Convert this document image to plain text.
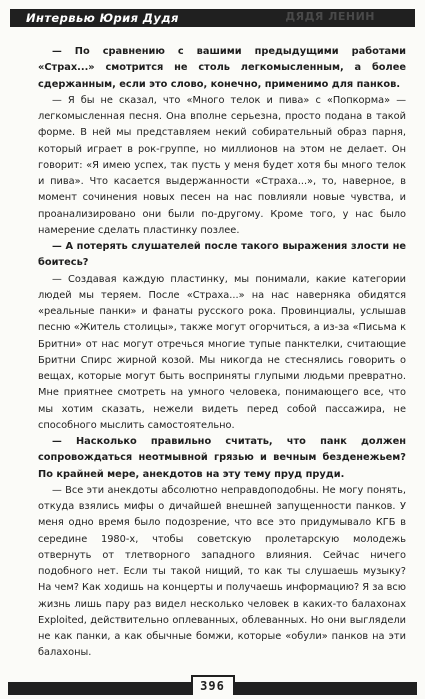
Интервью Юрия Дудя	ДЯДЯ ЛЕНИН

— По сравнению с вашими предыдущими работами «Страх...» смотрится не столь легкомысленным, а более сдержанным, если это слово, конечно, применимо для панков.

— Я бы не сказал, что «Много телок и пива» с «Попкорма» — легкомысленная песня. Она вполне серьезна, просто подана в такой форме. В ней мы представляем некий собирательный образ парня, который играет в рок-группе, но миллионов на этом не делает. Он говорит: «Я имею успех, так пусть у меня будет хотя бы много телок и пива». Что касается выдержанности «Страха...», то, наверное, в момент сочинения новых песен на нас повлияли новые чувства, и проанализировано они были по-другому. Кроме того, у нас было намерение сделать пластинку позлее.

— А потерять слушателей после такого выражения злости не боитесь?

— Создавая каждую пластинку, мы понимали, какие категории людей мы теряем. После «Страха...» на нас наверняка обидятся «реальные панки» и фанаты русского рока. Провинциалы, услышав песню «Житель столицы», также могут огорчиться, а из-за «Письма к Бритни» от нас могут отречься многие тупые панктелки, считающие Бритни Спирс жирной козой. Мы никогда не стеснялись говорить о вещах, которые могут быть восприняты глупыми людьми превратно. Мне приятнее смотреть на умного человека, понимающего все, что мы хотим сказать, нежели видеть перед собой пассажира, не способного мыслить самостоятельно.

— Насколько правильно считать, что панк должен сопровождаться неотмывной грязью и вечным безденежьем? По крайней мере, анекдотов на эту тему пруд пруди.

— Все эти анекдоты абсолютно неправдоподобны. Не могу понять, откуда взялись мифы о дичайшей внешней запущенности панков. У меня одно время было подозрение, что все это придумывало КГБ в середине 1980-х, чтобы советскую пролетарскую молодежь отвернуть от тлетворного западного влияния. Сейчас ничего подобного нет. Если ты такой нищий, то как ты слушаешь музыку? На чем? Как ходишь на концерты и получаешь информацию? Я за всю жизнь лишь пару раз видел несколько человек в каких-то балахонах Exploited, действительно оплеванных, облеванных. Но они выглядели не как панки, а как обычные бомжи, которые «обули» панков на эти балахоны.

396
